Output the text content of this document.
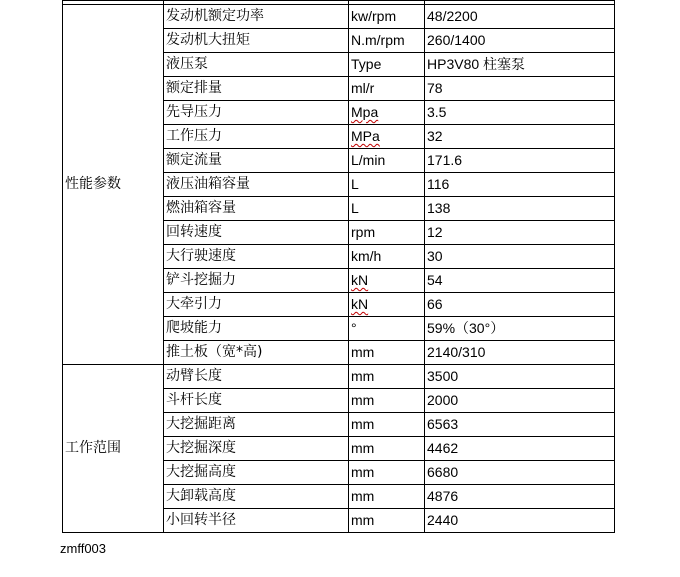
性能参数	发动机额定功率	kw/rpm	48/2200
	发动机大扭矩	N.m/rpm	260/1400
	液压泵	Type	HP3V80 柱塞泵
	额定排量	ml/r	78
	先导压力	Mpa	3.5
	工作压力	MPa	32
	额定流量	L/min	171.6
	液压油箱容量	L	116
	燃油箱容量	L	138
	回转速度	rpm	12
	大行驶速度	km/h	30
	铲斗挖掘力	kN	54
	大牵引力	kN	66
	爬坡能力	°	59%（30°）
	推土板（宽*高)	mm	2140/310
工作范围	动臂长度	mm	3500
	斗杆长度	mm	2000
	大挖掘距离	mm	6563
	大挖掘深度	mm	4462
	大挖掘高度	mm	6680
	大卸载高度	mm	4876
	小回转半径	mm	2440
zmff003
